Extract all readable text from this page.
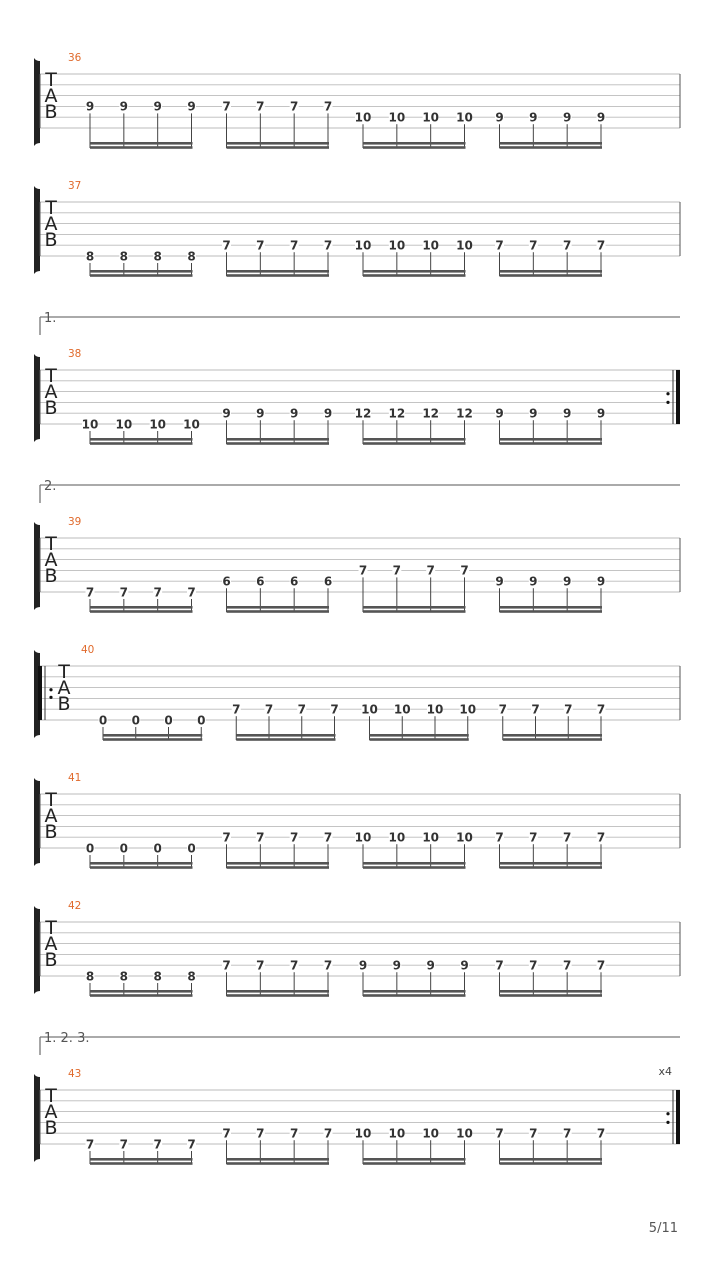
T
A
B
36
9 9 9 9 7 7 7 7
10 10 10 10 9 9 9 9
T
A
B
37
8 8 8 8
7 7 7 7 10 10 10 10 7 7 7 7
1.
T
A
B
38
10 10 10 10
9 9 9 9 12 12 12 12 9 9 9 9
2.
T
A
B
39
7 7 7 7
6 6 6 6
7 7 7 7
9 9 9 9
T
A
B
40
0 0 0 0
7 7 7 7 10 10 10 10 7 7 7 7
T
A
B
41
0 0 0 0
7 7 7 7 10 10 10 10 7 7 7 7
T
A
B
42
8 8 8 8
7 7 7 7 9 9 9 9 7 7 7 7
1. 2. 3.
T
A
B
43	x4
7 7 7 7
7 7 7 7 10 10 10 10 7 7 7 7
5/11
